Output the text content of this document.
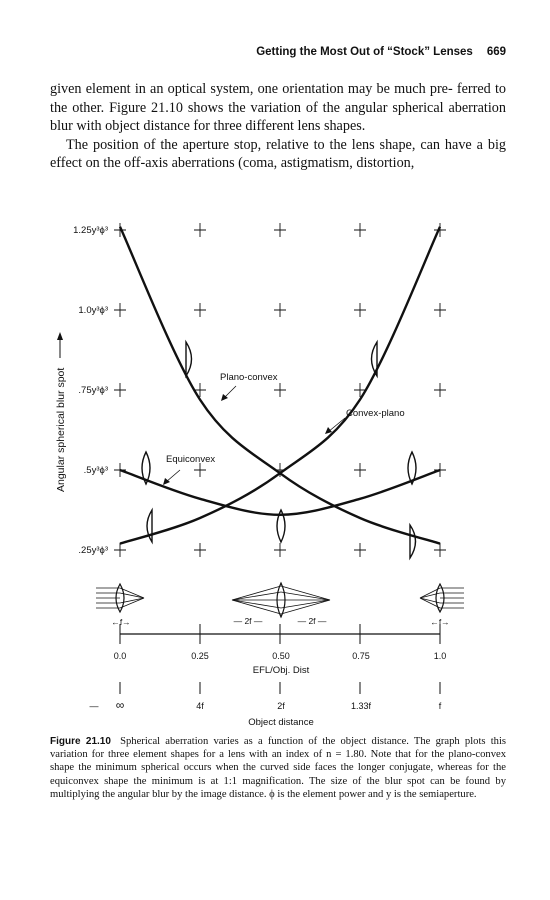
Getting the Most Out of “Stock” Lenses 669

given element in an optical system, one orientation may be much pre- ferred to the other. Figure 21.10 shows the variation of the angular spherical aberration blur with object distance for three different lens shapes.

The position of the aperture stop, relative to the lens shape, can have a big effect on the off-axis aberrations (coma, astigmatism, distortion,

1.25y³ϕ³
1.0y³ϕ³
.75y³ϕ³
.5y³ϕ³
.25y³ϕ³
Angular spherical blur spot	Plano-convex
Convex-plano
Equiconvex
←f→	— 2f —	— 2f —	←f→
0.0	0.25	0.50	0.75	1.0
EFL/Obj. Dist
— ∞	4f	2f	1.33f	f
Object distance
Figure 21.10 Spherical aberration varies as a function of the object distance. The graph plots this variation for three element shapes for a lens with an index of n = 1.80. Note that for the plano-convex shape the minimum spherical occurs when the curved side faces the longer conjugate, whereas for the equiconvex shape the minimum is at 1:1 magnification. The size of the blur spot can be found by multiplying the angular blur by the image distance. ϕ is the element power and y is the semiaperture.
